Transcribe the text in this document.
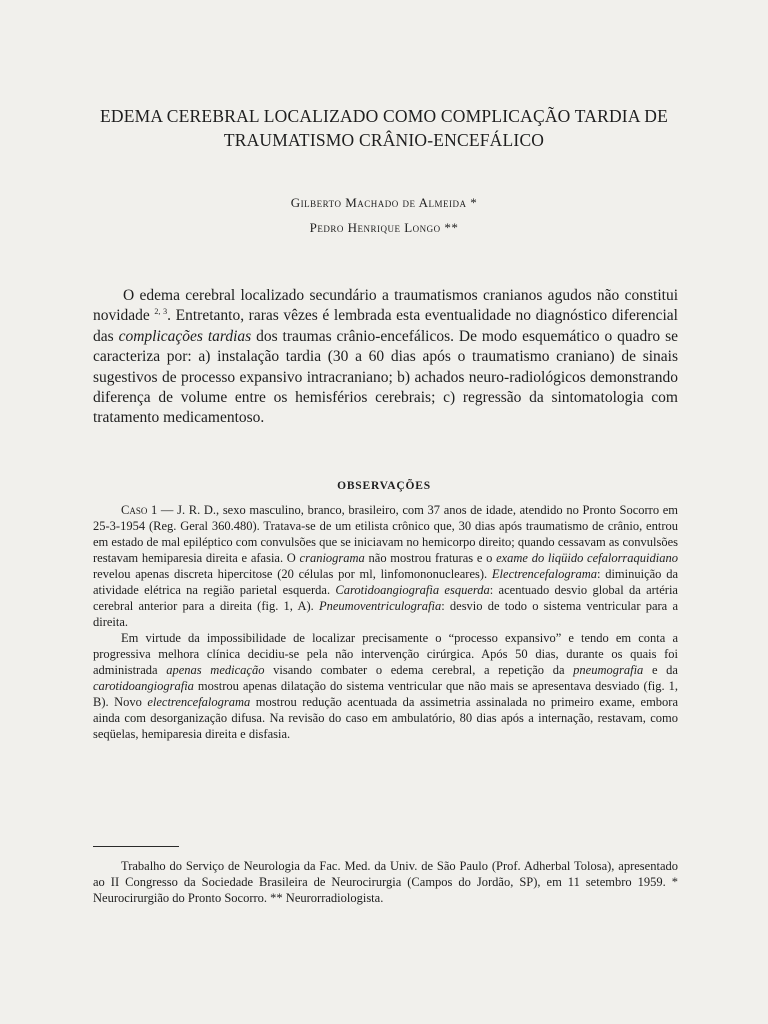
EDEMA CEREBRAL LOCALIZADO COMO COMPLICAÇÃO TARDIA DE
TRAUMATISMO CRÂNIO-ENCEFÁLICO
Gilberto Machado de Almeida *
Pedro Henrique Longo **

O edema cerebral localizado secundário a traumatismos cranianos agudos não constitui novidade $^{2, 3}$. Entretanto, raras vêzes é lembrada esta eventualidade no diagnóstico diferencial das complicações tardias dos traumas crânio-encefálicos. De modo esquemático o quadro se caracteriza por: a) instalação tardia (30 a 60 dias após o traumatismo craniano) de sinais sugestivos de processo expansivo intracraniano; b) achados neuro-radiológicos demonstrando diferença de volume entre os hemisférios cerebrais; c) regressão da sintomatologia com tratamento medicamentoso.

OBSERVAÇÕES

Caso 1 — J. R. D., sexo masculino, branco, brasileiro, com 37 anos de idade, atendido no Pronto Socorro em 25-3-1954 (Reg. Geral 360.480). Tratava-se de um etilista crônico que, 30 dias após traumatismo de crânio, entrou em estado de mal epiléptico com convulsões que se iniciavam no hemicorpo direito; quando cessavam as convulsões restavam hemiparesia direita e afasia. O craniograma não mostrou fraturas e o exame do liqüido cefalorraquidiano revelou apenas discreta hipercitose (20 células por ml, linfomononucleares). Electrencefalograma: diminuição da atividade elétrica na região parietal esquerda. Carotidoangiografia esquerda: acentuado desvio global da artéria cerebral anterior para a direita (fig. 1, A). Pneumoventriculografia: desvio de todo o sistema ventricular para a direita.

Em virtude da impossibilidade de localizar precisamente o “processo expansivo” e tendo em conta a progressiva melhora clínica decidiu-se pela não intervenção cirúrgica. Após 50 dias, durante os quais foi administrada apenas medicação visando combater o edema cerebral, a repetição da pneumografia e da carotidoangiografia mostrou apenas dilatação do sistema ventricular que não mais se apresentava desviado (fig. 1, B). Novo electrencefalograma mostrou redução acentuada da assimetria assinalada no primeiro exame, embora ainda com desorganização difusa. Na revisão do caso em ambulatório, 80 dias após a internação, restavam, como seqüelas, hemiparesia direita e disfasia.

Trabalho do Serviço de Neurologia da Fac. Med. da Univ. de São Paulo (Prof. Adherbal Tolosa), apresentado ao II Congresso da Sociedade Brasileira de Neurocirurgia (Campos do Jordão, SP), em 11 setembro 1959. * Neurocirurgião do Pronto Socorro. ** Neurorradiologista.
